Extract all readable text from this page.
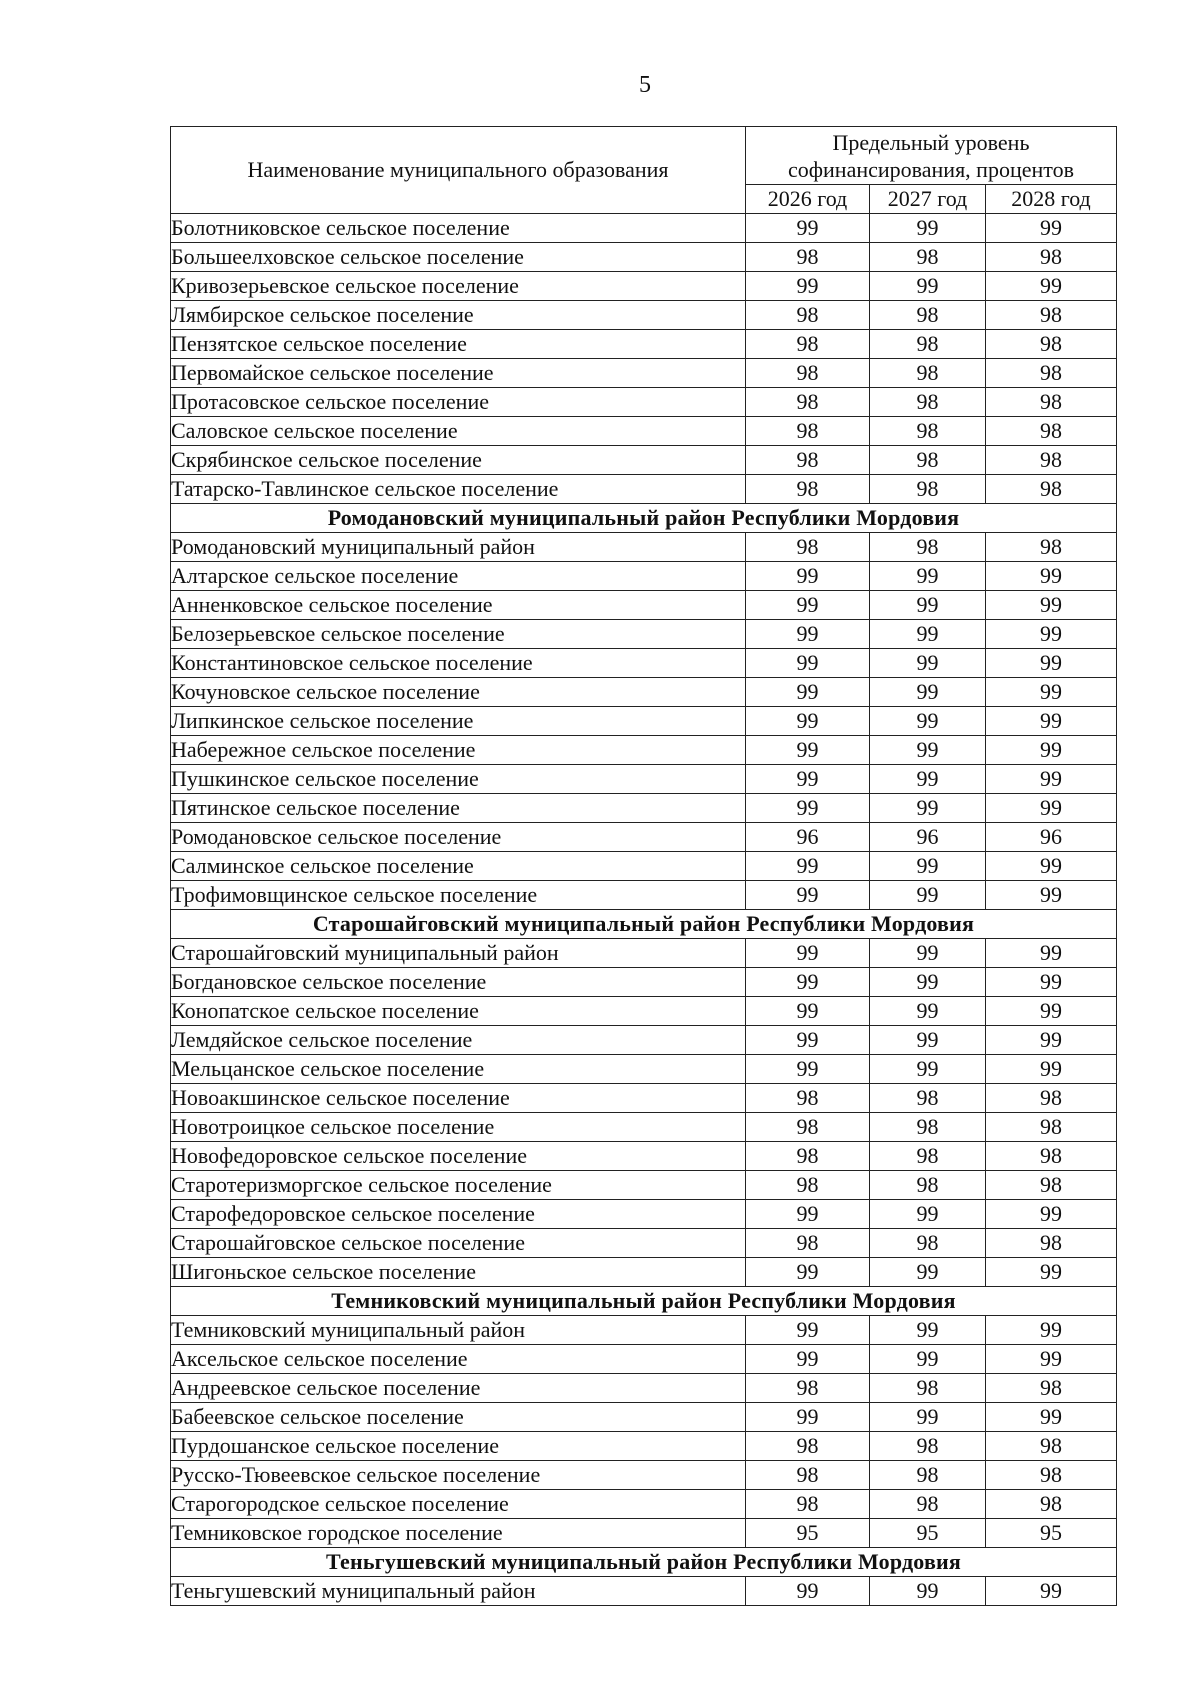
5
Наименование муниципального образования	Предельный уровень софинансирования, процентов		
	2026 год	2027 год	2028 год
Болотниковское сельское поселение	99	99	99
Большеелховское сельское поселение	98	98	98
Кривозерьевское сельское поселение	99	99	99
Лямбирское сельское поселение	98	98	98
Пензятское сельское поселение	98	98	98
Первомайское сельское поселение	98	98	98
Протасовское сельское поселение	98	98	98
Саловское сельское поселение	98	98	98
Скрябинское сельское поселение	98	98	98
Татарско-Тавлинское сельское поселение	98	98	98
Ромодановский муниципальный район Республики Мордовия			
Ромодановский муниципальный район	98	98	98
Алтарское сельское поселение	99	99	99
Анненковское сельское поселение	99	99	99
Белозерьевское сельское поселение	99	99	99
Константиновское сельское поселение	99	99	99
Кочуновское сельское поселение	99	99	99
Липкинское сельское поселение	99	99	99
Набережное сельское поселение	99	99	99
Пушкинское сельское поселение	99	99	99
Пятинское сельское поселение	99	99	99
Ромодановское сельское поселение	96	96	96
Салминское сельское поселение	99	99	99
Трофимовщинское сельское поселение	99	99	99
Старошайговский муниципальный район Республики Мордовия			
Старошайговский муниципальный район	99	99	99
Богдановское сельское поселение	99	99	99
Конопатское сельское поселение	99	99	99
Лемдяйское сельское поселение	99	99	99
Мельцанское сельское поселение	99	99	99
Новоакшинское сельское поселение	98	98	98
Новотроицкое сельское поселение	98	98	98
Новофедоровское сельское поселение	98	98	98
Старотеризморгское сельское поселение	98	98	98
Старофедоровское сельское поселение	99	99	99
Старошайговское сельское поселение	98	98	98
Шигоньское сельское поселение	99	99	99
Темниковский муниципальный район Республики Мордовия			
Темниковский муниципальный район	99	99	99
Аксельское сельское поселение	99	99	99
Андреевское сельское поселение	98	98	98
Бабеевское сельское поселение	99	99	99
Пурдошанское сельское поселение	98	98	98
Русско-Тювеевское сельское поселение	98	98	98
Старогородское сельское поселение	98	98	98
Темниковское городское поселение	95	95	95
Теньгушевский муниципальный район Республики Мордовия			
Теньгушевский муниципальный район	99	99	99
